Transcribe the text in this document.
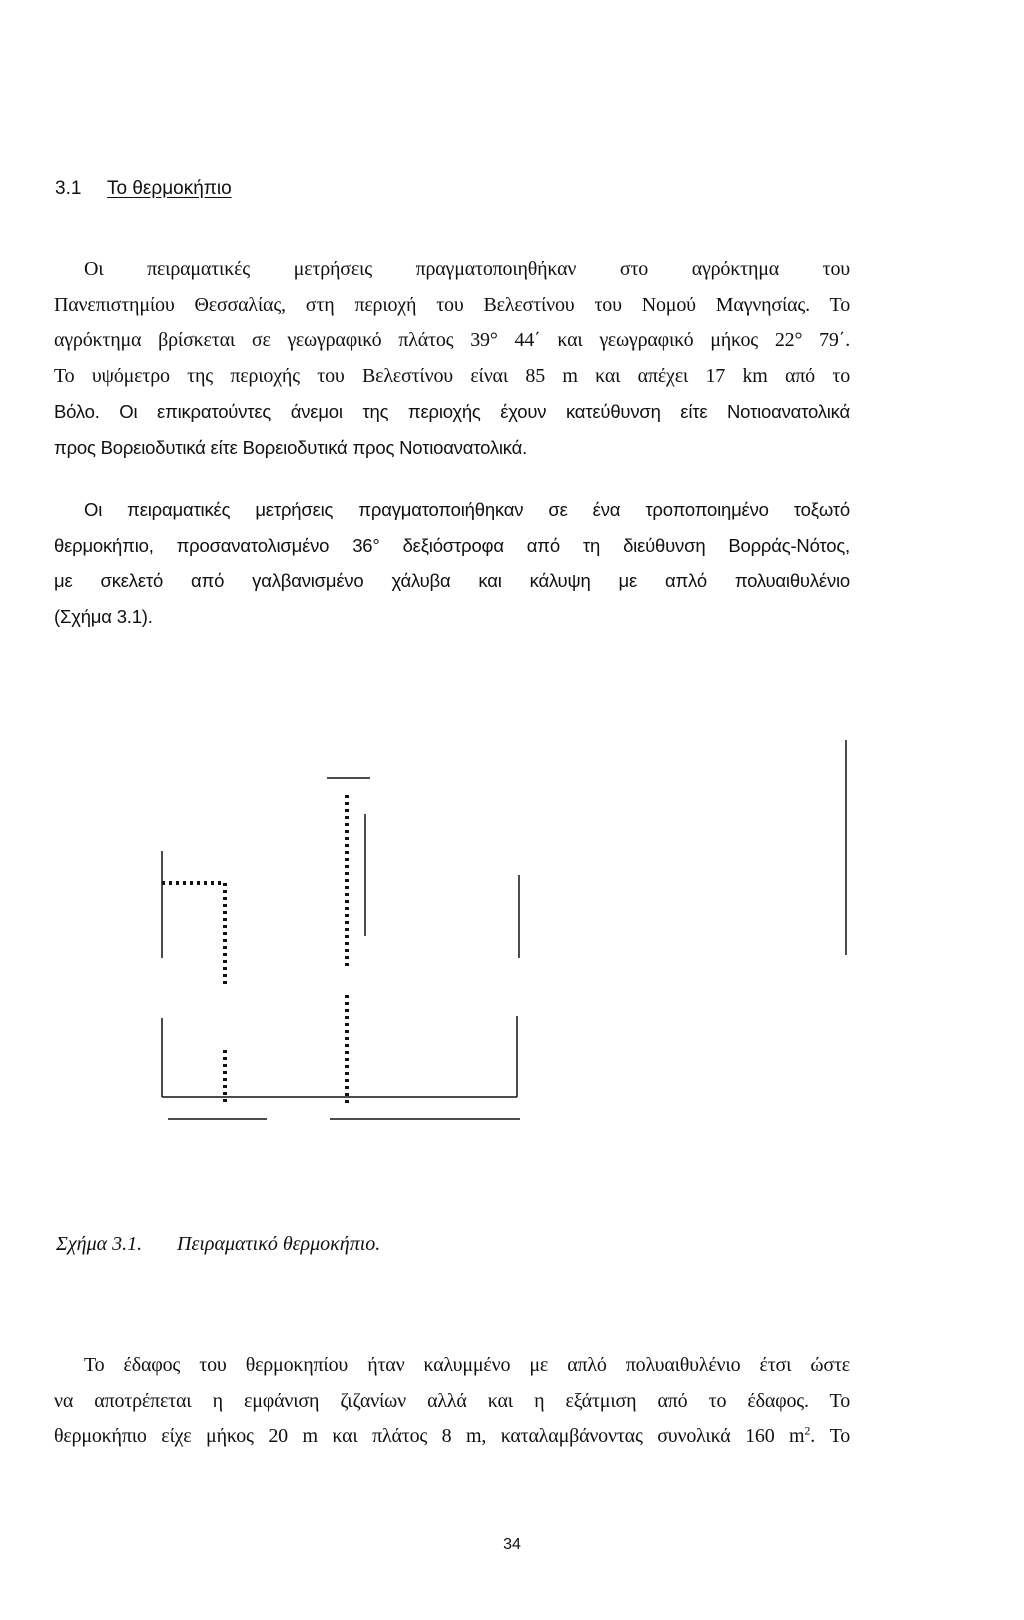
3.1 Το θερμοκήπιο
Οι πειραματικές μετρήσεις πραγματοποιηθήκαν στο αγρόκτημα του
Πανεπιστημίου Θεσσαλίας, στη περιοχή του Βελεστίνου του Νομού Μαγνησίας. Το
αγρόκτημα βρίσκεται σε γεωγραφικό πλάτος 39° 44΄ και γεωγραφικό μήκος 22° 79΄.
Το υψόμετρο της περιοχής του Βελεστίνου είναι 85 m και απέχει 17 km από το
Βόλο. Οι επικρατούντες άνεμοι της περιοχής έχουν κατεύθυνση είτε Νοτιοανατολικά
προς Βορειοδυτικά είτε Βορειοδυτικά προς Νοτιοανατολικά.
Οι πειραματικές μετρήσεις πραγματοποιήθηκαν σε ένα τροποποιημένο τοξωτό
θερμοκήπιο, προσανατολισμένο 36° δεξιόστροφα από τη διεύθυνση Βορράς-Νότος,
με σκελετό από γαλβανισμένο χάλυβα και κάλυψη με απλό πολυαιθυλένιο
(Σχήμα 3.1).
Σχήμα 3.1. Πειραματικό θερμοκήπιο.
Το έδαφος του θερμοκηπίου ήταν καλυμμένο με απλό πολυαιθυλένιο έτσι ώστε
να αποτρέπεται η εμφάνιση ζιζανίων αλλά και η εξάτμιση από το έδαφος. Το
θερμοκήπιο είχε μήκος 20 m και πλάτος 8 m, καταλαμβάνοντας συνολικά 160 $m^2$. Το
34
